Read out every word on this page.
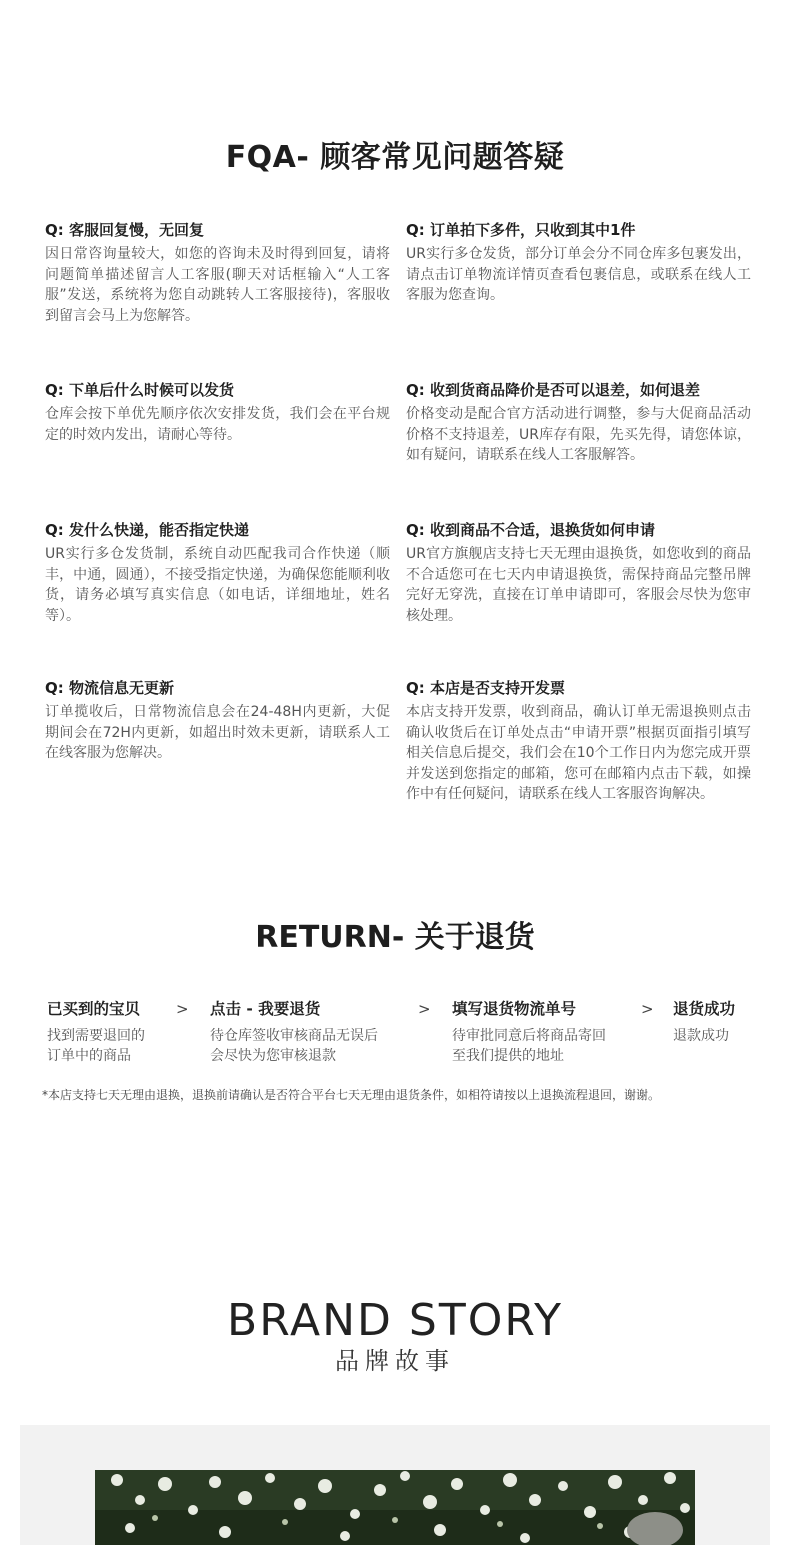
FQA- 顾客常见问题答疑
Q: 客服回复慢，无回复
因日常咨询量较大，如您的咨询未及时得到回复，请将问题简单描述留言人工客服(聊天对话框输入“人工客服”发送，系统将为您自动跳转人工客服接待)，客服收到留言会马上为您解答。
Q: 订单拍下多件，只收到其中1件
UR实行多仓发货，部分订单会分不同仓库多包裹发出，请点击订单物流详情页查看包裹信息，或联系在线人工客服为您查询。
Q: 下单后什么时候可以发货
仓库会按下单优先顺序依次安排发货，我们会在平台规定的时效内发出，请耐心等待。
Q: 收到货商品降价是否可以退差，如何退差
价格变动是配合官方活动进行调整，参与大促商品活动价格不支持退差，UR库存有限，先买先得，请您体谅，如有疑问，请联系在线人工客服解答。
Q: 发什么快递，能否指定快递
UR实行多仓发货制，系统自动匹配我司合作快递（顺丰，中通，圆通），不接受指定快递，为确保您能顺利收货，请务必填写真实信息（如电话，详细地址，姓名等）。
Q: 收到商品不合适，退换货如何申请
UR官方旗舰店支持七天无理由退换货，如您收到的商品不合适您可在七天内申请退换货，需保持商品完整吊牌完好无穿洗，直接在订单申请即可，客服会尽快为您审核处理。
Q: 物流信息无更新
订单揽收后，日常物流信息会在24-48H内更新，大促期间会在72H内更新，如超出时效未更新，请联系人工在线客服为您解决。
Q: 本店是否支持开发票
本店支持开发票，收到商品，确认订单无需退换则点击确认收货后在订单处点击“申请开票”根据页面指引填写相关信息后提交，我们会在10个工作日内为您完成开票并发送到您指定的邮箱，您可在邮箱内点击下载，如操作中有任何疑问，请联系在线人工客服咨询解决。
RETURN- 关于退货
已买到的宝贝
找到需要退回的
订单中的商品
> 点击 - 我要退货
待仓库签收审核商品无误后
会尽快为您审核退款
> 填写退货物流单号
待审批同意后将商品寄回
至我们提供的地址
> 退货成功
退款成功
*本店支持七天无理由退换，退换前请确认是否符合平台七天无理由退货条件，如相符请按以上退换流程退回，谢谢。
BRAND STORY
品牌故事
